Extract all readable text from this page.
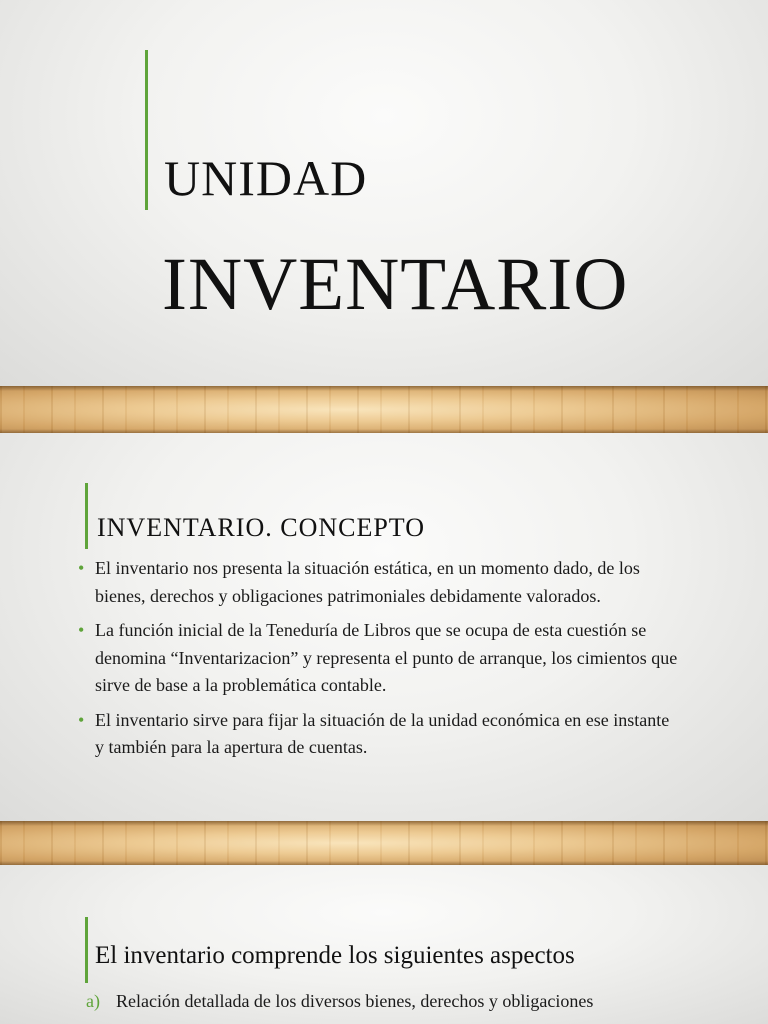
UNIDAD
INVENTARIO
INVENTARIO. CONCEPTO
• El inventario nos presenta la situación estática, en un momento dado, de los bienes, derechos y obligaciones patrimoniales debidamente valorados.
• La función inicial de la Teneduría de Libros que se ocupa de esta cuestión se denomina “Inventarizacion” y representa el punto de arranque, los cimientos que sirve de base a la problemática contable.
• El inventario sirve para fijar la situación de la unidad económica en ese instante y también para la apertura de cuentas.
El inventario comprende los siguientes aspectos
a) Relación detallada de los diversos bienes, derechos y obligaciones
